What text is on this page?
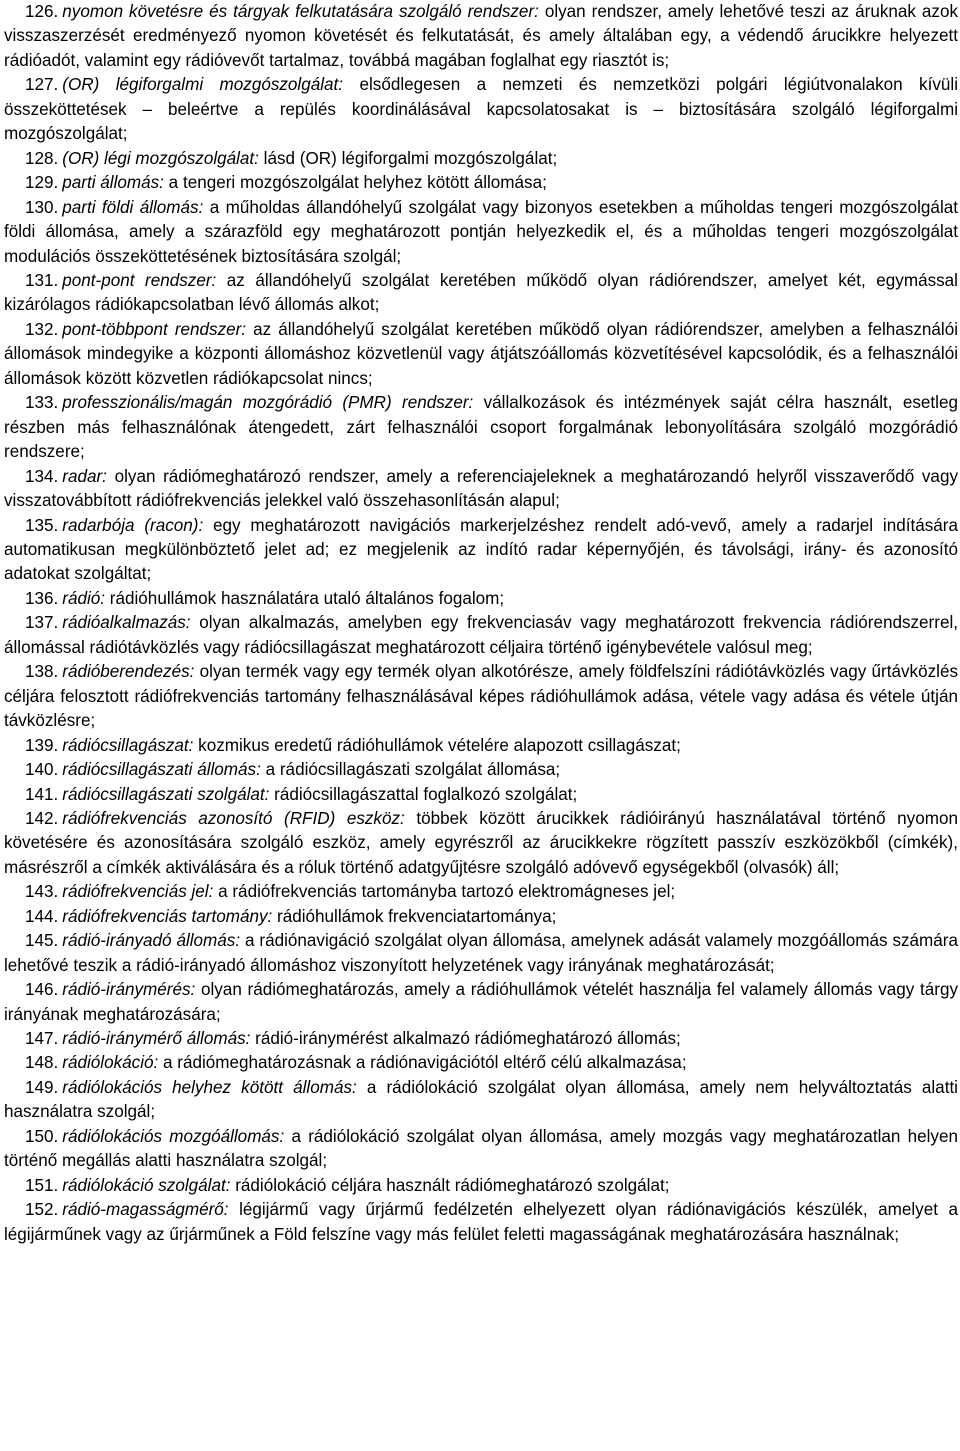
126. nyomon követésre és tárgyak felkutatására szolgáló rendszer: olyan rendszer, amely lehetővé teszi az áruknak azok visszaszerzését eredményező nyomon követését és felkutatását, és amely általában egy, a védendő árucikkre helyezett rádióadót, valamint egy rádióvevőt tartalmaz, továbbá magában foglalhat egy riasztót is;

127. (OR) légiforgalmi mozgószolgálat: elsődlegesen a nemzeti és nemzetközi polgári légiútvonalakon kívüli összeköttetések – beleértve a repülés koordinálásával kapcsolatosakat is – biztosítására szolgáló légiforgalmi mozgószolgálat;

128. (OR) légi mozgószolgálat: lásd (OR) légiforgalmi mozgószolgálat;

129. parti állomás: a tengeri mozgószolgálat helyhez kötött állomása;

130. parti földi állomás: a műholdas állandóhelyű szolgálat vagy bizonyos esetekben a műholdas tengeri mozgószolgálat földi állomása, amely a szárazföld egy meghatározott pontján helyezkedik el, és a műholdas tengeri mozgószolgálat modulációs összeköttetésének biztosítására szolgál;

131. pont-pont rendszer: az állandóhelyű szolgálat keretében működő olyan rádiórendszer, amelyet két, egymással kizárólagos rádiókapcsolatban lévő állomás alkot;

132. pont-többpont rendszer: az állandóhelyű szolgálat keretében működő olyan rádiórendszer, amelyben a felhasználói állomások mindegyike a központi állomáshoz közvetlenül vagy átjátszóállomás közvetítésével kapcsolódik, és a felhasználói állomások között közvetlen rádiókapcsolat nincs;

133. professzionális/magán mozgórádió (PMR) rendszer: vállalkozások és intézmények saját célra használt, esetleg részben más felhasználónak átengedett, zárt felhasználói csoport forgalmának lebonyolítására szolgáló mozgórádió rendszere;

134. radar: olyan rádiómeghatározó rendszer, amely a referenciajeleknek a meghatározandó helyről visszaverődő vagy visszatovábbított rádiófrekvenciás jelekkel való összehasonlításán alapul;

135. radarbója (racon): egy meghatározott navigációs markerjelzéshez rendelt adó-vevő, amely a radarjel indítására automatikusan megkülönböztető jelet ad; ez megjelenik az indító radar képernyőjén, és távolsági, irány- és azonosító adatokat szolgáltat;

136. rádió: rádióhullámok használatára utaló általános fogalom;

137. rádióalkalmazás: olyan alkalmazás, amelyben egy frekvenciasáv vagy meghatározott frekvencia rádiórendszerrel, állomással rádiótávközlés vagy rádiócsillagászat meghatározott céljaira történő igénybevétele valósul meg;

138. rádióberendezés: olyan termék vagy egy termék olyan alkotórésze, amely földfelszíni rádiótávközlés vagy űrtávközlés céljára felosztott rádiófrekvenciás tartomány felhasználásával képes rádióhullámok adása, vétele vagy adása és vétele útján távközlésre;

139. rádiócsillagászat: kozmikus eredetű rádióhullámok vételére alapozott csillagászat;

140. rádiócsillagászati állomás: a rádiócsillagászati szolgálat állomása;

141. rádiócsillagászati szolgálat: rádiócsillagászattal foglalkozó szolgálat;

142. rádiófrekvenciás azonosító (RFID) eszköz: többek között árucikkek rádióirányú használatával történő nyomon követésére és azonosítására szolgáló eszköz, amely egyrészről az árucikkekre rögzített passzív eszközökből (címkék), másrészről a címkék aktiválására és a róluk történő adatgyűjtésre szolgáló adóvevő egységekből (olvasók) áll;

143. rádiófrekvenciás jel: a rádiófrekvenciás tartományba tartozó elektromágneses jel;

144. rádiófrekvenciás tartomány: rádióhullámok frekvenciatartománya;

145. rádió-irányadó állomás: a rádiónavigáció szolgálat olyan állomása, amelynek adását valamely mozgóállomás számára lehetővé teszik a rádió-irányadó állomáshoz viszonyított helyzetének vagy irányának meghatározását;

146. rádió-iránymérés: olyan rádiómeghatározás, amely a rádióhullámok vételét használja fel valamely állomás vagy tárgy irányának meghatározására;

147. rádió-iránymérő állomás: rádió-iránymérést alkalmazó rádiómeghatározó állomás;

148. rádiólokáció: a rádiómeghatározásnak a rádiónavigációtól eltérő célú alkalmazása;

149. rádiólokációs helyhez kötött állomás: a rádiólokáció szolgálat olyan állomása, amely nem helyváltoztatás alatti használatra szolgál;

150. rádiólokációs mozgóállomás: a rádiólokáció szolgálat olyan állomása, amely mozgás vagy meghatározatlan helyen történő megállás alatti használatra szolgál;

151. rádiólokáció szolgálat: rádiólokáció céljára használt rádiómeghatározó szolgálat;

152. rádió-magasságmérő: légijármű vagy űrjármű fedélzetén elhelyezett olyan rádiónavigációs készülék, amelyet a légijárműnek vagy az űrjárműnek a Föld felszíne vagy más felület feletti magasságának meghatározására használnak;
